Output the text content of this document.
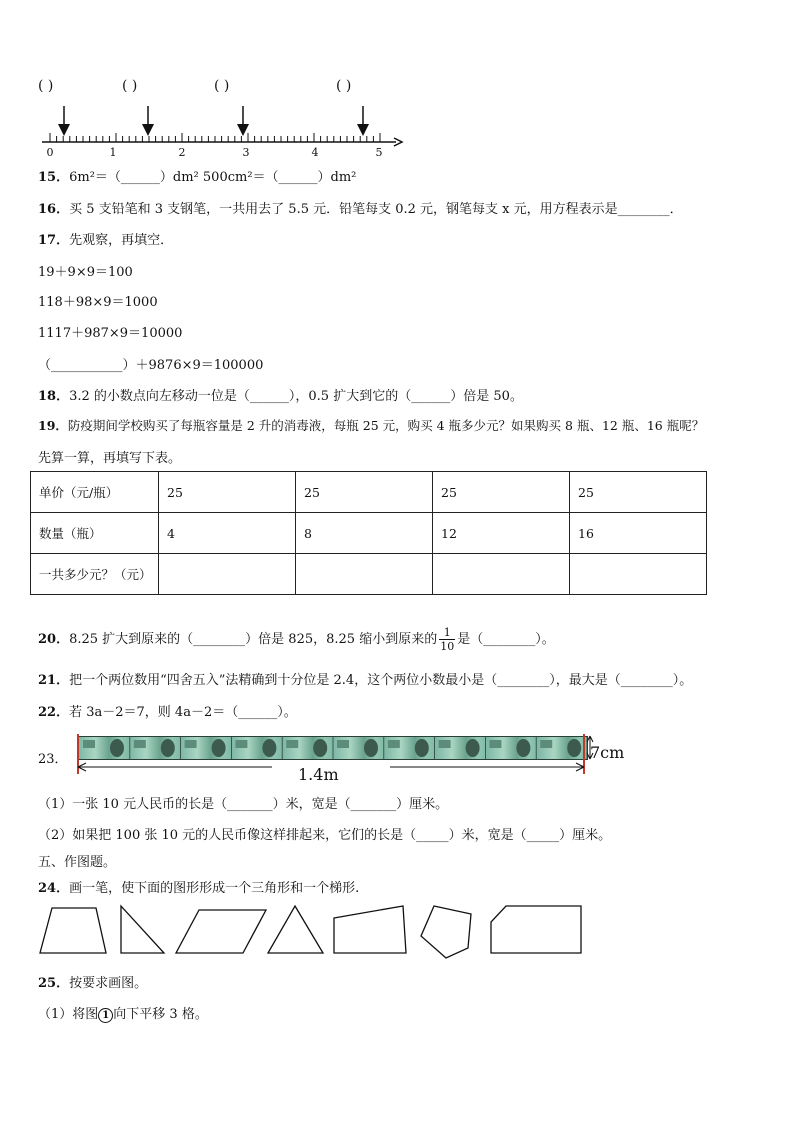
( )	( )	( )	( )
0	1	2	3	4	5
15．6m²＝（______）dm² 500cm²＝（______）dm²
16．买 5 支铅笔和 3 支钢笔，一共用去了 5.5 元．铅笔每支 0.2 元，钢笔每支 x 元，用方程表示是________．
17．先观察，再填空．
19＋9×9＝100
118＋98×9＝1000
1117＋987×9＝10000
（___________）＋9876×9＝100000
18．3.2 的小数点向左移动一位是（______），0.5 扩大到它的（______）倍是 50。
19．防疫期间学校购买了每瓶容量是 2 升的消毒液，每瓶 25 元，购买 4 瓶多少元？如果购买 8 瓶、12 瓶、16 瓶呢？
先算一算，再填写下表。
单价（元/瓶）	25	25	25	25
数量（瓶）	4	8	12	16
一共多少元？（元）				
20．8.25 扩大到原来的（________）倍是 825，8.25 缩小到原来的 $\frac{1}{10}$ 是（________）。
21．把一个两位数用“四舍五入”法精确到十分位是 2.4，这个两位小数最小是（________），最大是（________）。
22．若 3a－2＝7，则 4a－2＝（______）。
23．
1.4m
7cm
（1）一张 10 元人民币的长是（_______）米，宽是（_______）厘米。
（2）如果把 100 张 10 元的人民币像这样排起来，它们的长是（_____）米，宽是（_____）厘米。
五、作图题。
24．画一笔，使下面的图形形成一个三角形和一个梯形.
25．按要求画图。
（1）将图 1 向下平移 3 格。
